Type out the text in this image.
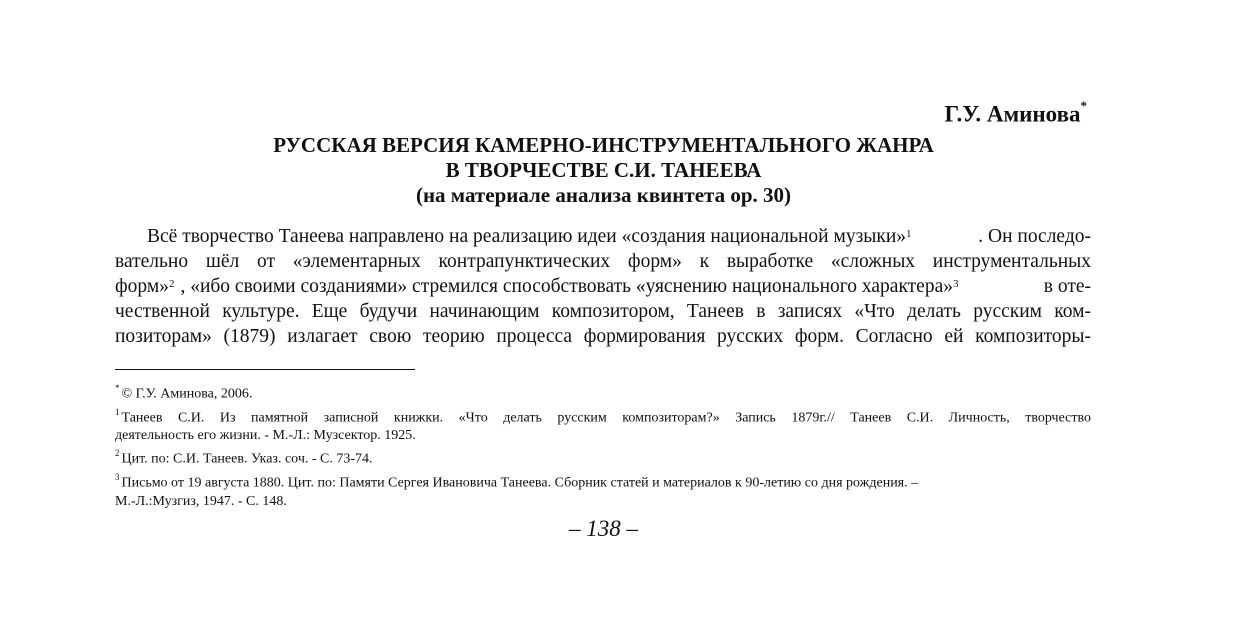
Г.У. Аминова*
РУССКАЯ ВЕРСИЯ КАМЕРНО-ИНСТРУМЕНТАЛЬНОГО ЖАНРА
В ТВОРЧЕСТВЕ С.И. ТАНЕЕВА
(на материале анализа квинтета ор. 30)
Всё творчество Танеева направлено на реализацию идеи «создания национальной музыки»$^1$	. Он последо-
вательно шёл от «элементарных контрапунктических форм» к выработке «сложных инструментальных
форм»$^2$ , «ибо своими созданиями» стремился способствовать «уяснению национального характера»$^3$	в оте-
чественной культуре. Еще будучи начинающим композитором, Танеев в записях «Что делать русским ком-
позиторам» (1879) излагает свою теорию процесса формирования русских форм. Согласно ей композиторы-
* © Г.У. Аминова, 2006.
$^1$ Танеев С.И. Из памятной записной книжки. «Что делать русским композиторам?» Запись 1879г.// Танеев С.И. Личность, творчество
деятельность его жизни. - М.-Л.: Музсектор. 1925.
$^2$ Цит. по: С.И. Танеев. Указ. соч. - С. 73-74.
$^3$ Письмо от 19 августа 1880. Цит. по: Памяти Сергея Ивановича Танеева. Сборник статей и материалов к 90-летию со дня рождения. –
М.-Л.:Музгиз, 1947. - С. 148.
– 138 –
